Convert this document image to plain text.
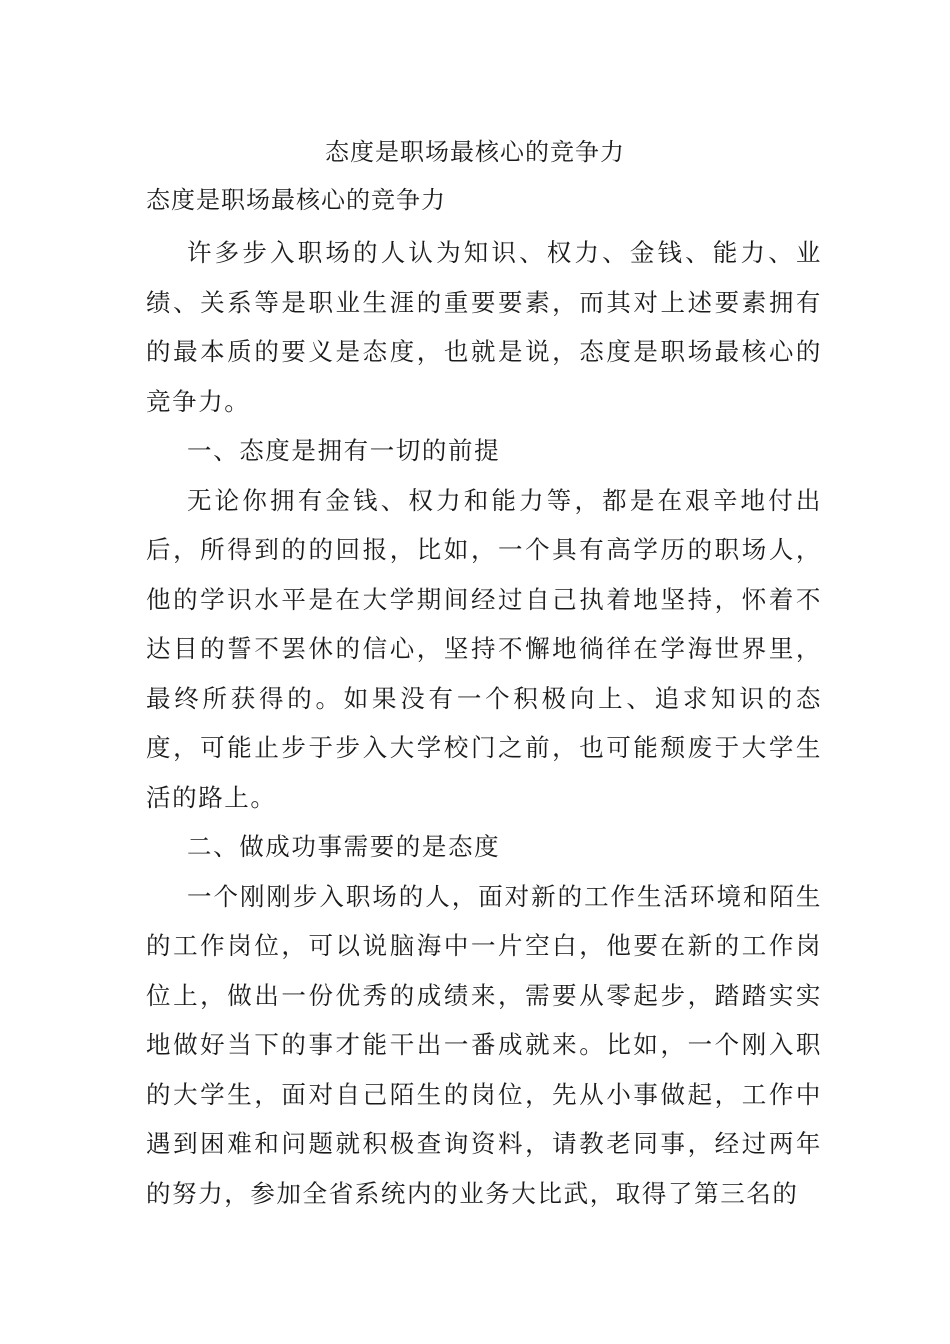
态度是职场最核心的竞争力
态度是职场最核心的竞争力

许多步入职场的人认为知识、权力、金钱、能力、业绩、关系等是职业生涯的重要要素，而其对上述要素拥有的最本质的要义是态度，也就是说，态度是职场最核心的竞争力。

一、态度是拥有一切的前提

无论你拥有金钱、权力和能力等，都是在艰辛地付出后，所得到的的回报，比如，一个具有高学历的职场人，他的学识水平是在大学期间经过自己执着地坚持，怀着不达目的誓不罢休的信心，坚持不懈地徜徉在学海世界里，最终所获得的。如果没有一个积极向上、追求知识的态度，可能止步于步入大学校门之前，也可能颓废于大学生活的路上。

二、做成功事需要的是态度

一个刚刚步入职场的人，面对新的工作生活环境和陌生的工作岗位，可以说脑海中一片空白，他要在新的工作岗位上，做出一份优秀的成绩来，需要从零起步，踏踏实实地做好当下的事才能干出一番成就来。比如，一个刚入职的大学生，面对自己陌生的岗位，先从小事做起，工作中遇到困难和问题就积极查询资料，请教老同事，经过两年的努力，参加全省系统内的业务大比武，取得了第三名的
